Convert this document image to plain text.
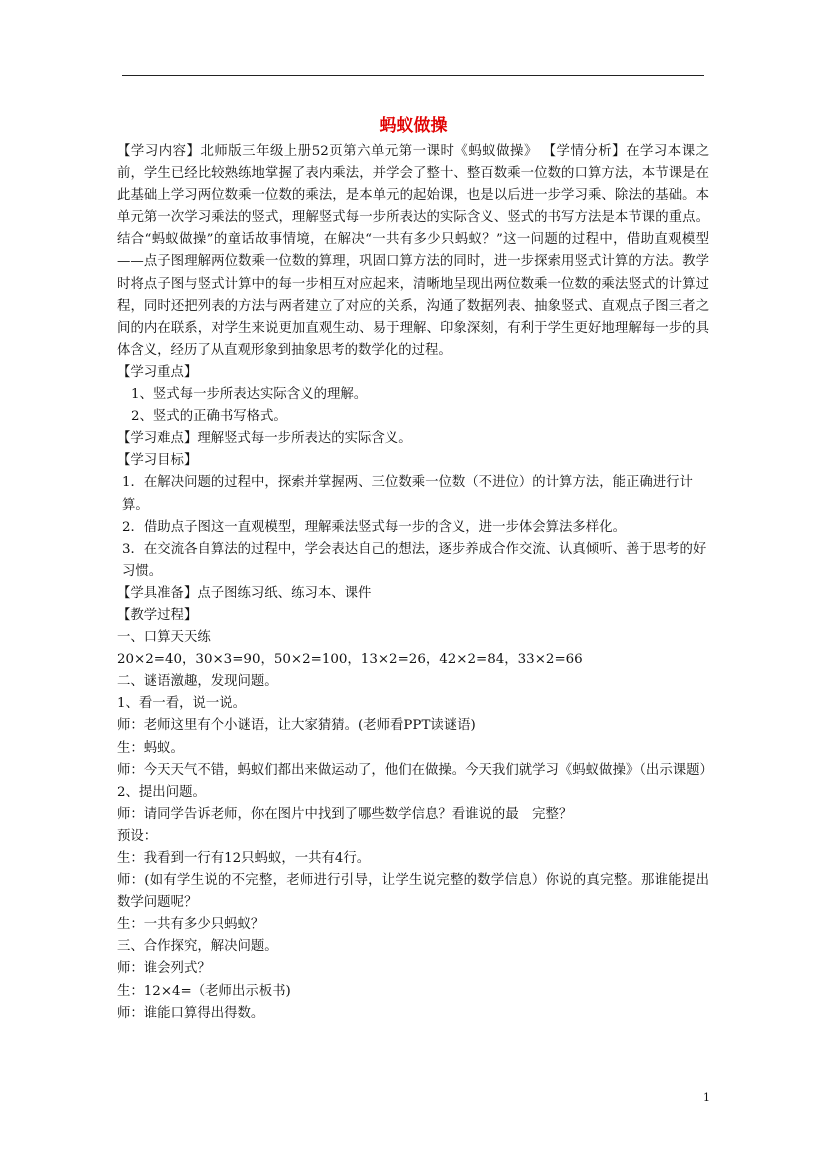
蚂蚁做操

【学习内容】北师版三年级上册52页第六单元第一课时《蚂蚁做操》 【学情分析】在学习本课之前，学生已经比较熟练地掌握了表内乘法，并学会了整十、整百数乘一位数的口算方法，本节课是在此基础上学习两位数乘一位数的乘法，是本单元的起始课，也是以后进一步学习乘、除法的基础。本单元第一次学习乘法的竖式，理解竖式每一步所表达的实际含义、竖式的书写方法是本节课的重点。 结合“蚂蚁做操”的童话故事情境，在解决“一共有多少只蚂蚁？”这一问题的过程中，借助直观模型——点子图理解两位数乘一位数的算理，巩固口算方法的同时，进一步探索用竖式计算的方法。教学时将点子图与竖式计算中的每一步相互对应起来，清晰地呈现出两位数乘一位数的乘法竖式的计算过程，同时还把列表的方法与两者建立了对应的关系，沟通了数据列表、抽象竖式、直观点子图三者之间的内在联系，对学生来说更加直观生动、易于理解、印象深刻，有利于学生更好地理解每一步的具体含义，经历了从直观形象到抽象思考的数学化的过程。

【学习重点】

1、竖式每一步所表达实际含义的理解。

2、竖式的正确书写格式。

【学习难点】理解竖式每一步所表达的实际含义。

【学习目标】

1．在解决问题的过程中，探索并掌握两、三位数乘一位数（不进位）的计算方法，能正确进行计算。

2．借助点子图这一直观模型，理解乘法竖式每一步的含义，进一步体会算法多样化。

3．在交流各自算法的过程中，学会表达自己的想法，逐步养成合作交流、认真倾听、善于思考的好习惯。

【学具准备】点子图练习纸、练习本、课件

【教学过程】

一、口算天天练

20×2=40，30×3=90，50×2=100，13×2=26，42×2=84，33×2=66

二、谜语激趣，发现问题。

1、看一看，说一说。

师：老师这里有个小谜语，让大家猜猜。(老师看PPT读谜语)

生：蚂蚁。

师：今天天气不错，蚂蚁们都出来做运动了，他们在做操。今天我们就学习《蚂蚁做操》（出示课题）

2、提出问题。

师：请同学告诉老师，你在图片中找到了哪些数学信息？看谁说的最　完整？

预设：

生：我看到一行有12只蚂蚁，一共有4行。

师：(如有学生说的不完整，老师进行引导，让学生说完整的数学信息）你说的真完整。那谁能提出数学问题呢？

生：一共有多少只蚂蚁？

三、合作探究，解决问题。

师：谁会列式？

生：12×4=（老师出示板书)

师：谁能口算得出得数。

1
